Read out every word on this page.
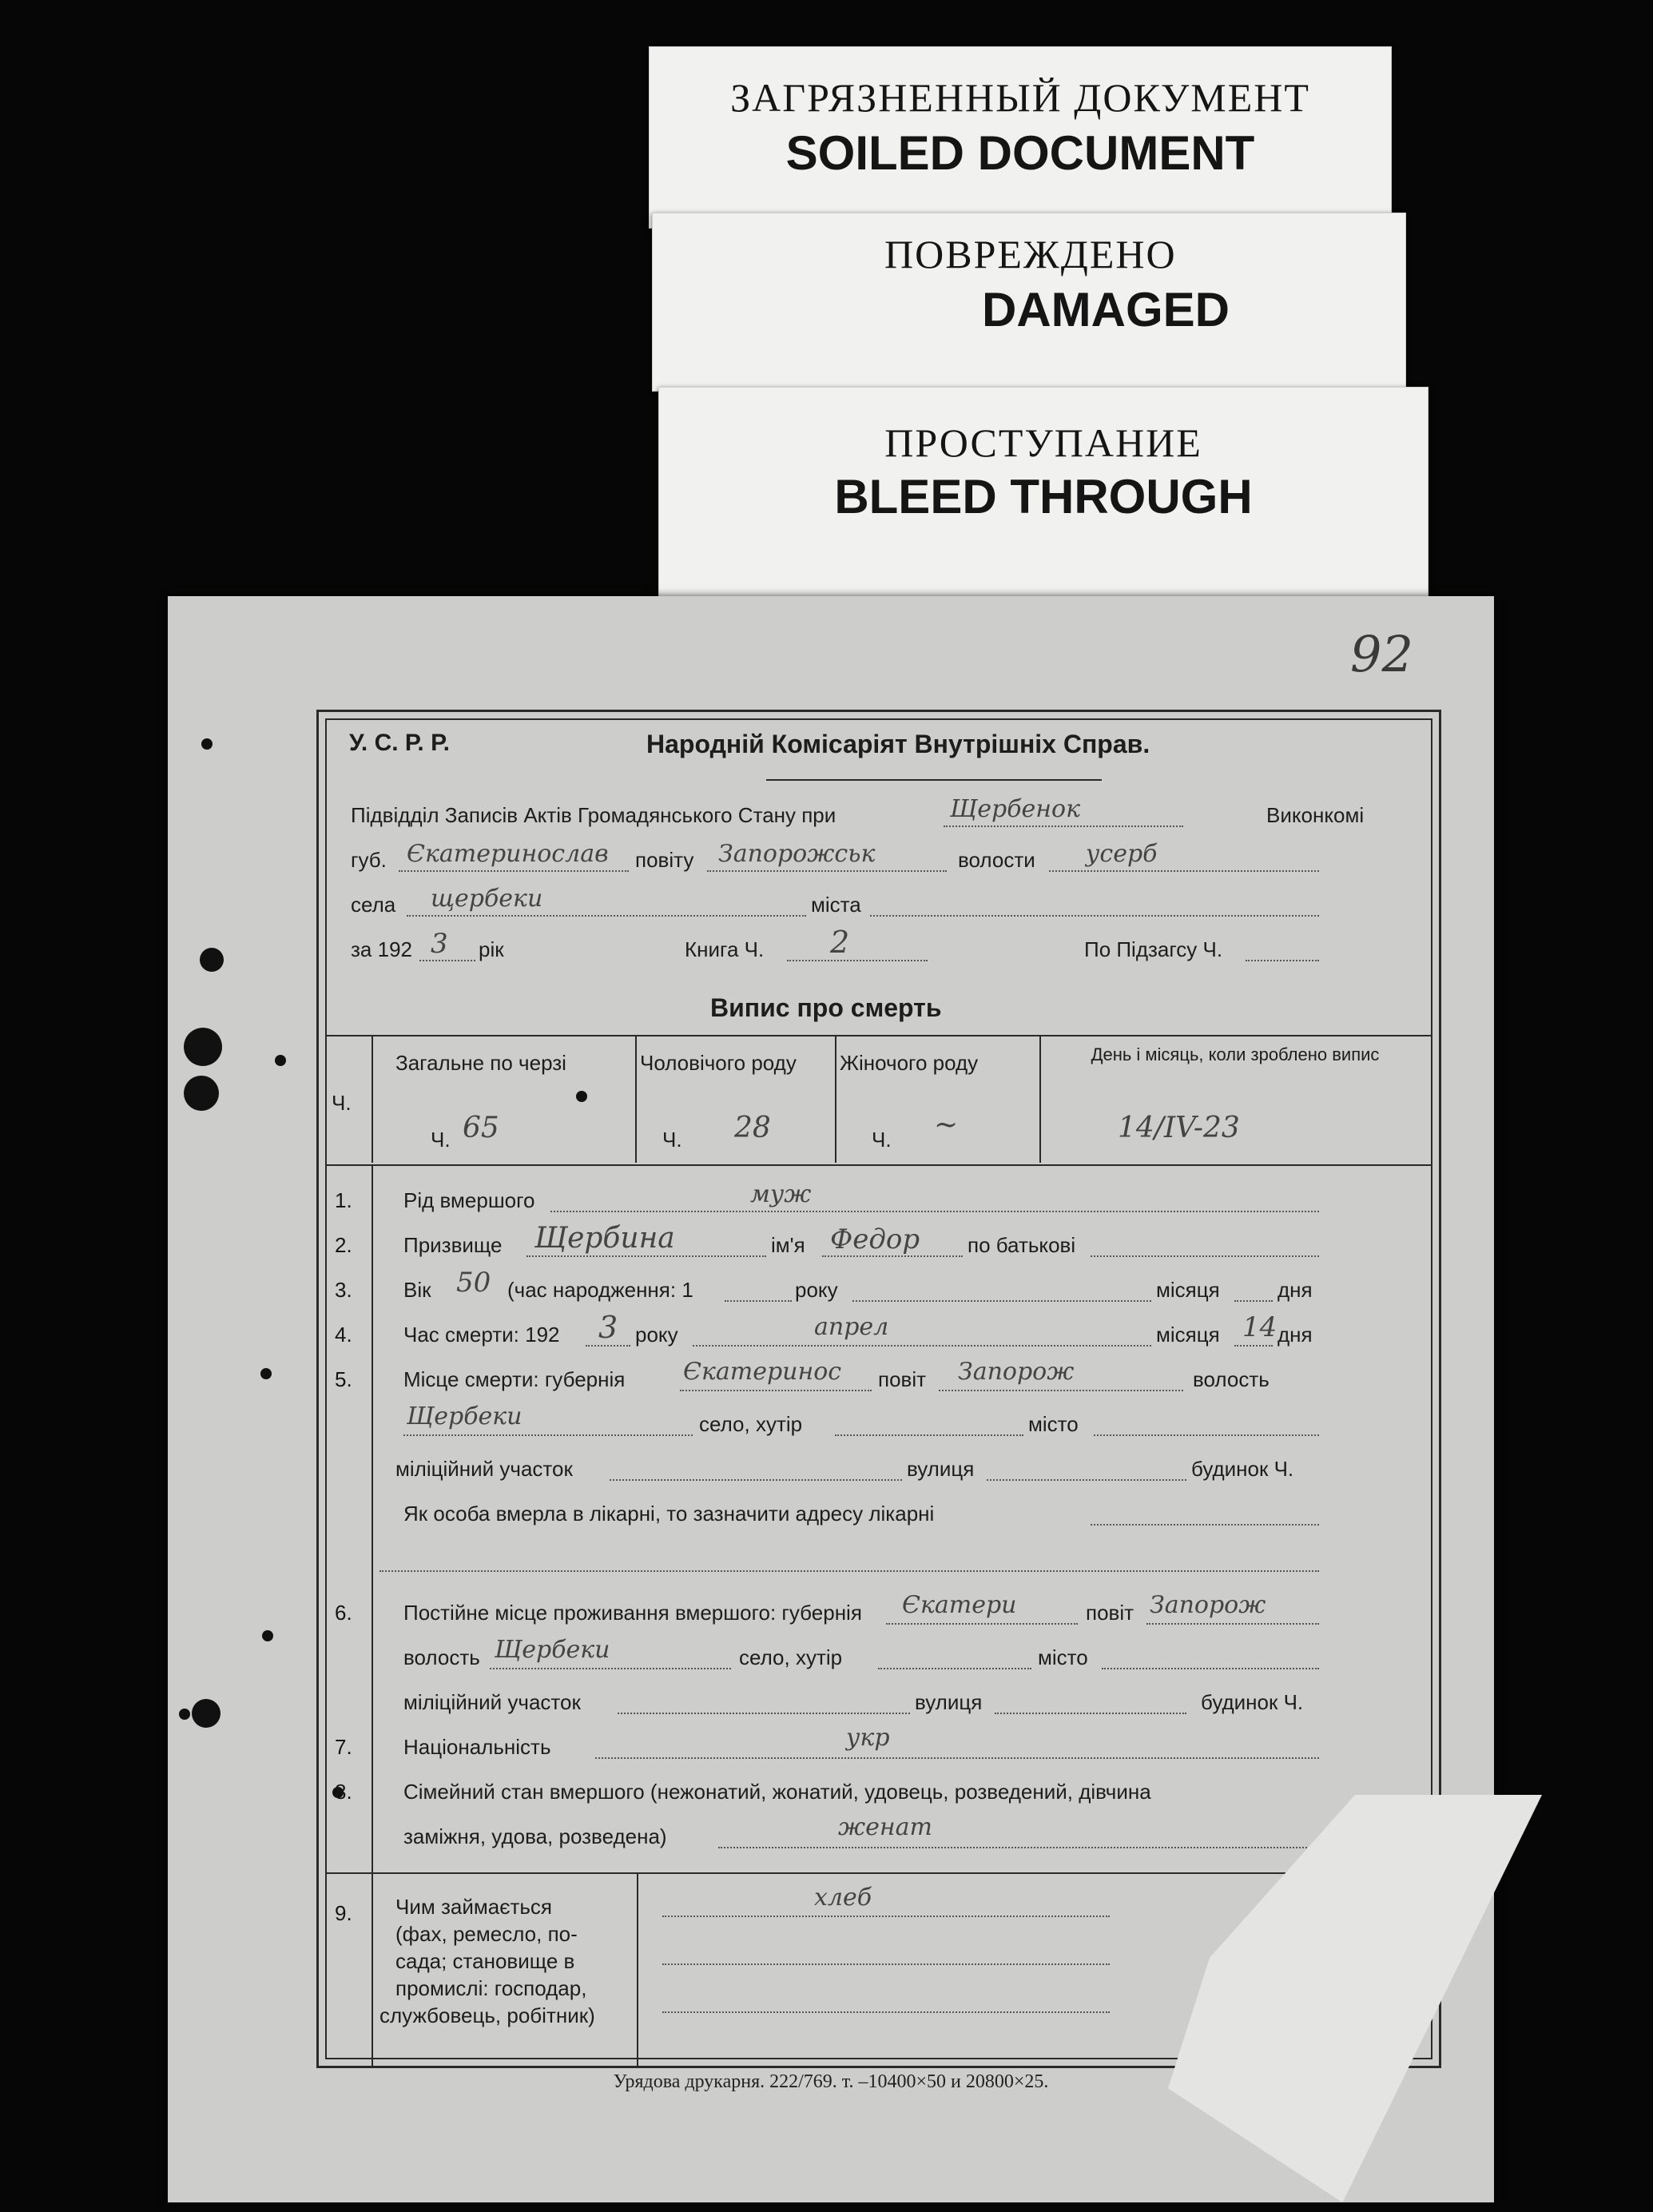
ЗАГРЯЗНЕННЫЙ ДОКУМЕНТ
SOILED DOCUMENT
ПОВРЕЖДЕНО
DAMAGED
ПРОСТУПАНИЕ
BLEED THROUGH
92
У. С. Р. Р.	Народній Комісаріят Внутрішніх Справ.
Підвідділ Записів Актів Громадянського Стану при	Щербенок	Виконкомі
губ. Єкатеринослав повіту Запорожськ	волости усерб
села щербеки	міста
за 192 3 рік	Книга Ч. 2	По Підзагсу Ч.
Випис про смерть
Ч.
Загальне по черзі	Чоловічого роду Жіночого роду	День і місяць, коли зроблено випис
Ч. 65	Ч. 28	Ч. ~	14/IV-23
1. Рід вмершого	муж
2. Призвище Щербина	ім'я Федор по батькові
3. Вік 50 (час народження: 1	року	місяця	дня
4. Час смерти: 192 3 року	апрел	місяця 14 дня
5. Місце смерти: губернія Єкатеринос повіт Запорож	волость
Щербеки	село, хутір	місто
міліційний участок	вулиця	будинок Ч.
Як особа вмерла в лікарні, то зазначити адресу лікарні
6. Постійне місце проживання вмершого: губернія Єкатери	повіт Запорож
волость Щербеки	село, хутір	місто
міліційний участок	вулиця	будинок Ч.
7. Національність	укр
8. Сімейний стан вмершого (нежонатий, жонатий, удовець, розведений, дівчина
заміжня, удова, розведена)	женат
9. Чим займається
(фах, ремесло, по-
сада; становище в
промислі: господар,
службовець, робітник)
хлеб
Урядова друкарня. 222/769. т. –10400×50 и 20800×25.
